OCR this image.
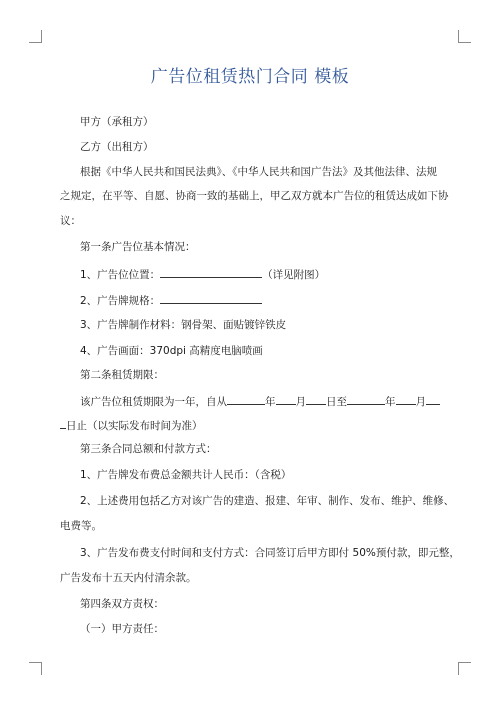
广告位租赁热门合同 模板
甲方（承租方）
乙方（出租方）
根据《中华人民共和国民法典》、《中华人民共和国广告法》及其他法律、法规
之规定，在平等、自愿、协商一致的基础上，甲乙双方就本广告位的租赁达成如下协
议：
第一条广告位基本情况：
1、广告位位置：	（详见附图）
2、广告牌规格：
3、广告牌制作材料：钢骨架、面贴镀锌铁皮
4、广告画面：370dpi 高精度电脑喷画
第二条租赁期限：
该广告位租赁期限为一年，自从	年 月 日至	年 月
日止（以实际发布时间为准）
第三条合同总额和付款方式：
1、广告牌发布费总金额共计人民币：（含税）
2、上述费用包括乙方对该广告的建造、报建、年审、制作、发布、维护、维修、
电费等。
3、广告发布费支付时间和支付方式：合同签订后甲方即付 50%预付款，即元整，
广告发布十五天内付清余款。
第四条双方责权：
（一）甲方责任：
